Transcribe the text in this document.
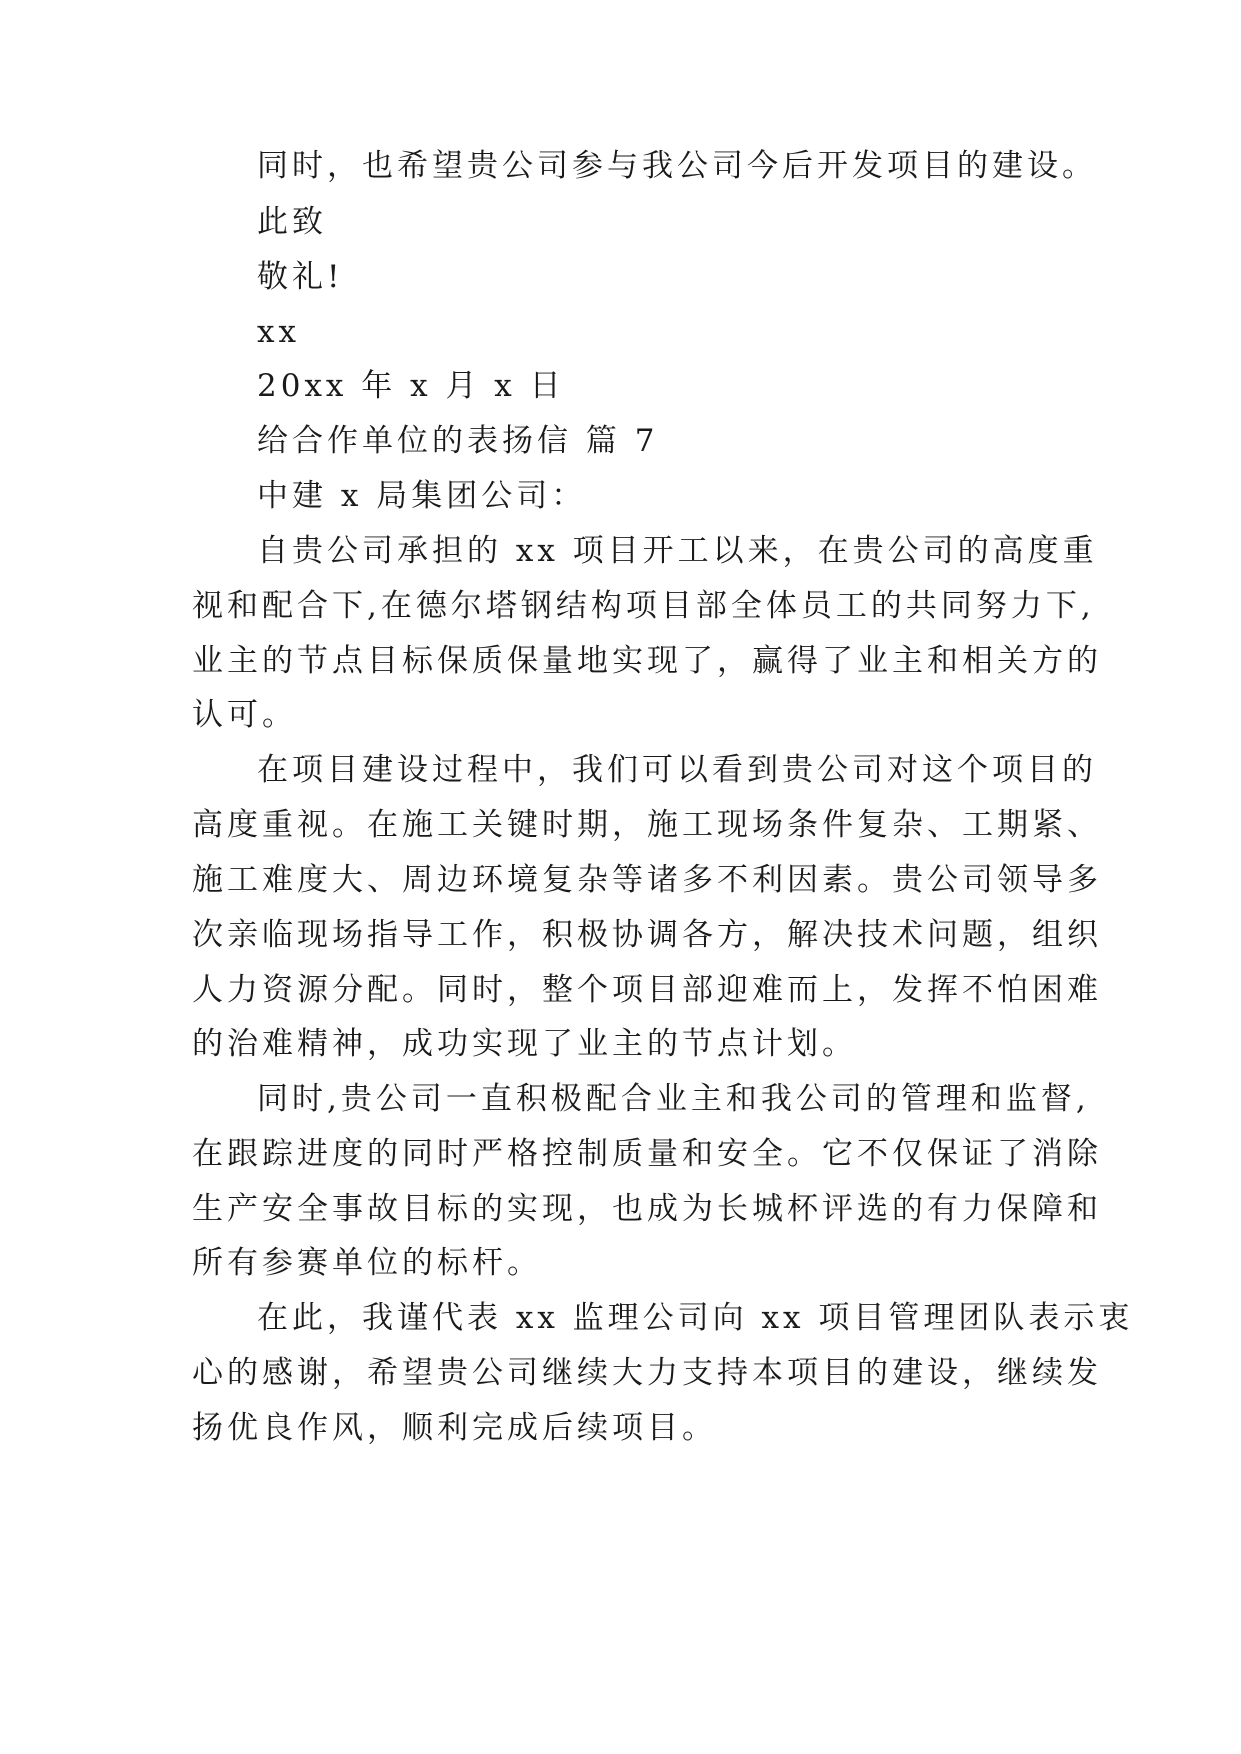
同时，也希望贵公司参与我公司今后开发项目的建设。
此致
敬礼!
xx
20xx 年 x 月 x 日
给合作单位的表扬信 篇 7
中建 x 局集团公司：
自贵公司承担的 xx 项目开工以来，在贵公司的高度重
视和配合下,在德尔塔钢结构项目部全体员工的共同努力下,
业主的节点目标保质保量地实现了，赢得了业主和相关方的
认可。
在项目建设过程中，我们可以看到贵公司对这个项目的
高度重视。在施工关键时期，施工现场条件复杂、工期紧、
施工难度大、周边环境复杂等诸多不利因素。贵公司领导多
次亲临现场指导工作，积极协调各方，解决技术问题，组织
人力资源分配。同时，整个项目部迎难而上，发挥不怕困难
的治难精神，成功实现了业主的节点计划。
同时,贵公司一直积极配合业主和我公司的管理和监督,
在跟踪进度的同时严格控制质量和安全。它不仅保证了消除
生产安全事故目标的实现，也成为长城杯评选的有力保障和
所有参赛单位的标杆。
在此，我谨代表 xx 监理公司向 xx 项目管理团队表示衷
心的感谢，希望贵公司继续大力支持本项目的建设，继续发
扬优良作风，顺利完成后续项目。
